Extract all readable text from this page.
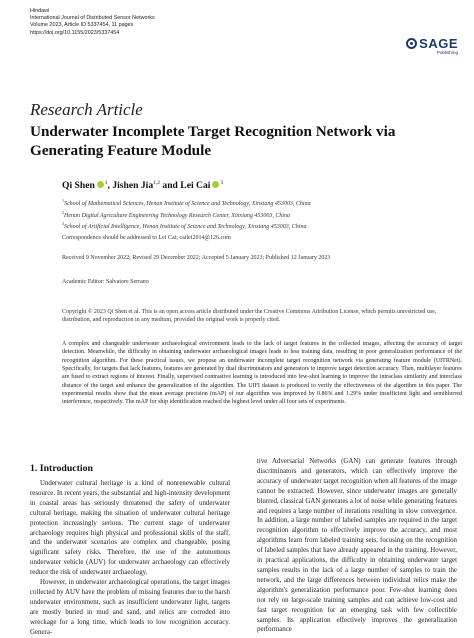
Hindawi
International Journal of Distributed Sensor Networks
Volume 2023, Article ID 5337454, 11 pages
https://doi.org/10.1155/2023/5337454
SAGE
Publishing
Research Article
Underwater Incomplete Target Recognition Network via Generating Feature Module
Qi Shen $^1$, Jishen Jia$^{1,2}$ and Lei Cai $^3$
$^1$School of Mathematical Sciences, Henan Institute of Science and Technology, Xinxiang 453003, China
$^2$Henan Digital Agriculture Engineering Technology Research Center, Xinxiang 453003, China
$^3$School of Artificial Intelligence, Henan Institute of Science and Technology, Xinxiang 453003, China
Correspondence should be addressed to Lei Cai; cailei2014@126.com
Received 9 November 2022; Revised 29 December 2022; Accepted 5 January 2023; Published 12 January 2023
Academic Editor: Salvatore Serrano
Copyright © 2023 Qi Shen et al. This is an open access article distributed under the Creative Commons Attribution License, which permits unrestricted use, distribution, and reproduction in any medium, provided the original work is properly cited.
A complex and changeable underwater archaeological environment leads to the lack of target features in the collected images, affecting the accuracy of target detection. Meanwhile, the difficulty in obtaining underwater archaeological images leads to less training data, resulting in poor generalization performance of the recognition algorithm. For these practical issues, we propose an underwater incomplete target recognition network via generating feature module (UITRNet). Specifically, for targets that lack features, features are generated by dual discriminators and generators to improve target detection accuracy. Then, multilayer features are fused to extract regions of interest. Finally, supervised contrastive learning is introduced into few-shot learning to improve the intraclass similarity and interclass distance of the target and enhance the generalization of the algorithm. The UIFI dataset is produced to verify the effectiveness of the algorithm in this paper. The experimental results show that the mean average precision (mAP) of our algorithm was improved by 0.86% and 1.29% under insufficient light and semiblurred interference, respectively. The mAP for ship identification reached the highest level under all four sets of experiments.
1. Introduction

Underwater cultural heritage is a kind of nonrenewable cultural resource. In recent years, the substantial and high-intensity development in coastal areas has seriously threatened the safety of underwater cultural heritage, making the situation of underwater cultural heritage protection increasingly serious. The current stage of underwater archaeology requires high physical and professional skills of the staff, and the underwater scenarios are complex and changeable, posing significant safety risks. Therefore, the use of the autonomous underwater vehicle (AUV) for underwater archaeology can effectively reduce the risk of underwater archaeology.

However, in underwater archaeological operations, the target images collected by AUV have the problem of missing features due to the harsh underwater environment, such as insufficient underwater light, targets are mostly buried in mud and sand, and relics are corroded into wreckage for a long time, which leads to low recognition accuracy. Genera-

tive Adversarial Networks (GAN) can generate features through discriminators and generators, which can effectively improve the accuracy of underwater target recognition when all features of the image cannot be extracted. However, since underwater images are generally blurred, classical GAN generates a lot of noise while generating features and requires a large number of iterations resulting in slow convergence. In addition, a large number of labeled samples are required in the target recognition algorithm to effectively improve the accuracy, and most algorithms learn from labeled training sets, focusing on the recognition of labeled samples that have already appeared in the training. However, in practical applications, the difficulty in obtaining underwater target samples results in the lack of a large number of samples to train the network, and the large differences between individual relics make the algorithm's generalization performance poor. Few-shot learning does not rely on large-scale training samples and can achieve low-cost and fast target recognition for an emerging task with few collectible samples. Its application effectively improves the generalization performance
